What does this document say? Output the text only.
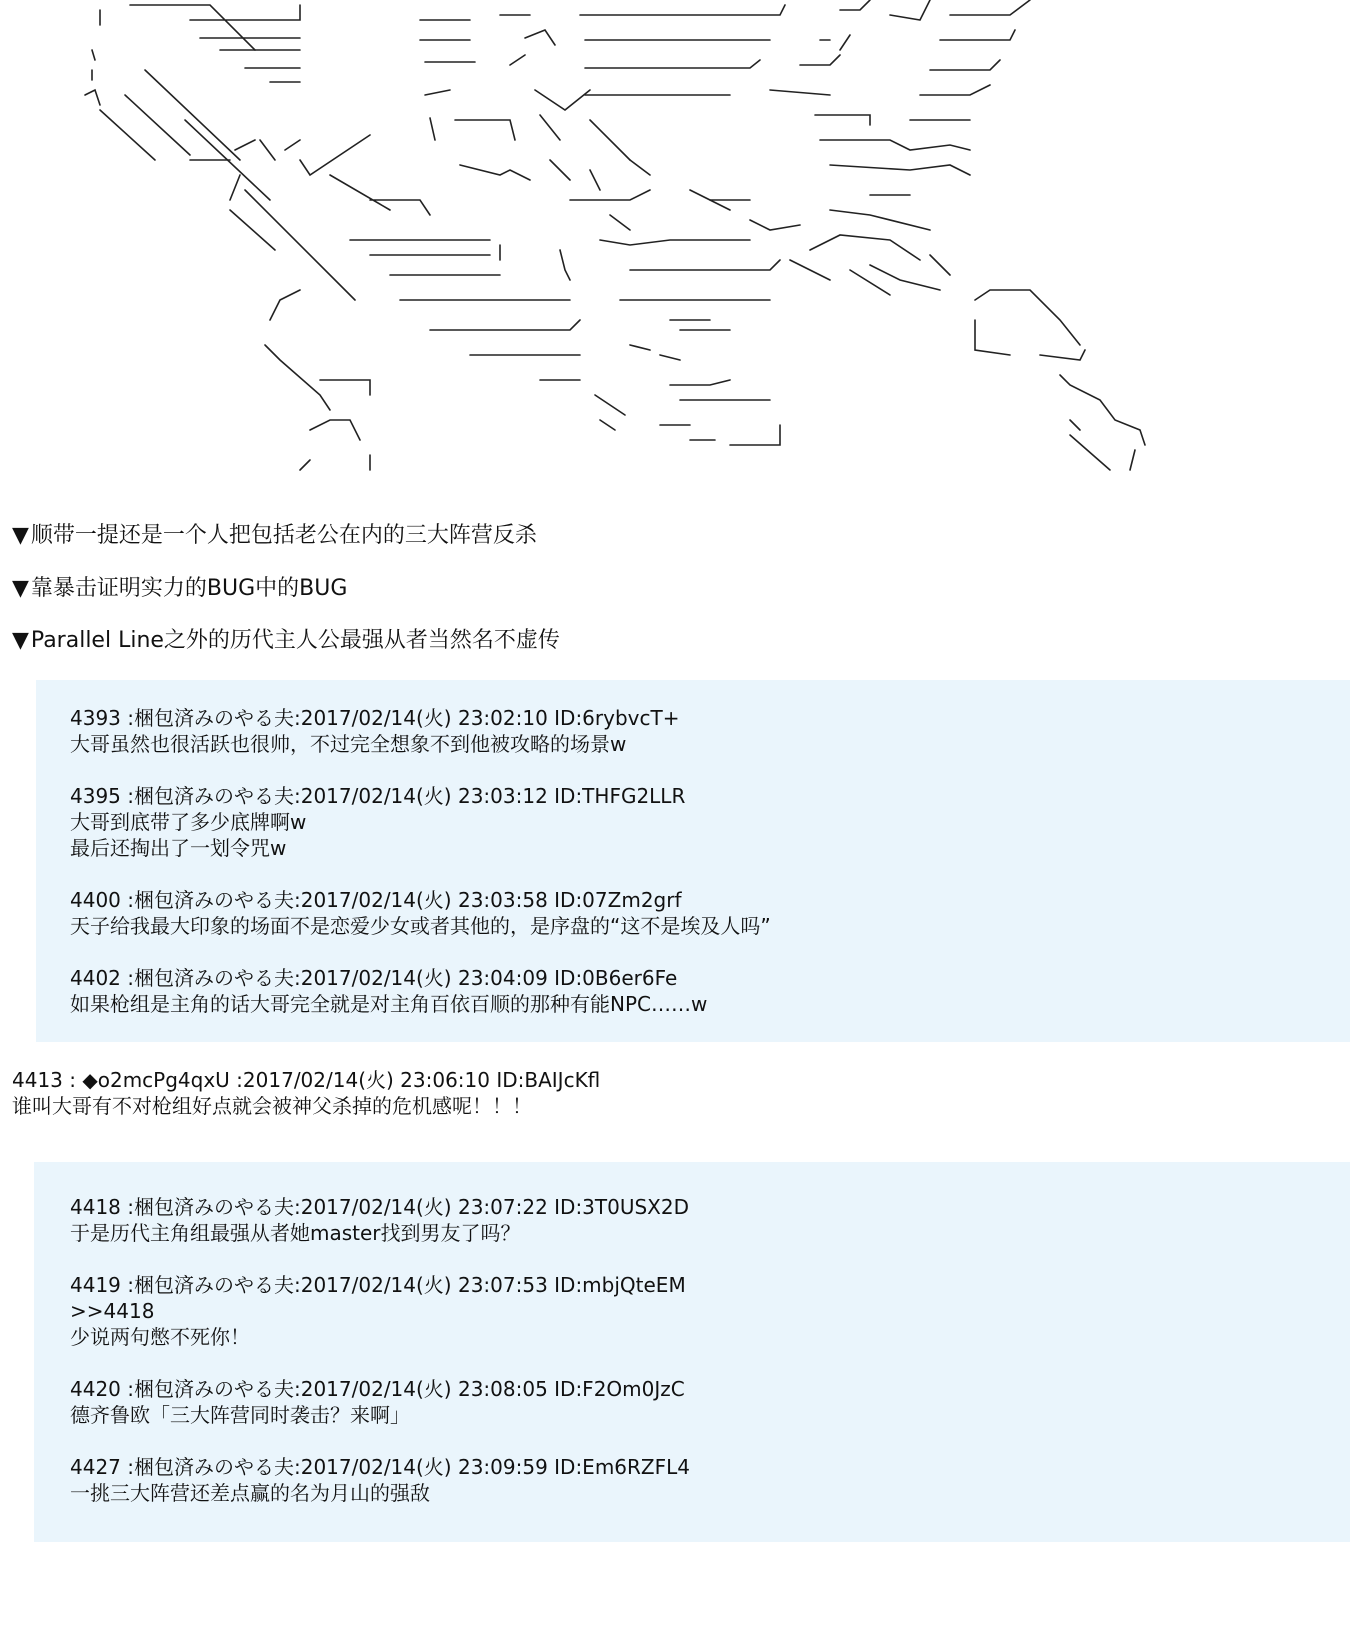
▼顺带一提还是一个人把包括老公在内的三大阵营反杀
▼靠暴击证明实力的BUG中的BUG
▼Parallel Line之外的历代主人公最强从者当然名不虚传
4393 :梱包済みのやる夫:2017/02/14(火) 23:02:10 ID:6rybvcT+
大哥虽然也很活跃也很帅，不过完全想象不到他被攻略的场景w
4395 :梱包済みのやる夫:2017/02/14(火) 23:03:12 ID:THFG2LLR
大哥到底带了多少底牌啊w
最后还掏出了一划令咒w
4400 :梱包済みのやる夫:2017/02/14(火) 23:03:58 ID:07Zm2grf
天子给我最大印象的场面不是恋爱少女或者其他的，是序盘的“这不是埃及人吗”
4402 :梱包済みのやる夫:2017/02/14(火) 23:04:09 ID:0B6er6Fe
如果枪组是主角的话大哥完全就是对主角百依百顺的那种有能NPC……w
4413 : ◆o2mcPg4qxU :2017/02/14(火) 23:06:10 ID:BAIJcKfl
谁叫大哥有不对枪组好点就会被神父杀掉的危机感呢！！！
4418 :梱包済みのやる夫:2017/02/14(火) 23:07:22 ID:3T0USX2D
于是历代主角组最强从者她master找到男友了吗？
4419 :梱包済みのやる夫:2017/02/14(火) 23:07:53 ID:mbjQteEM
>>4418
少说两句憋不死你！
4420 :梱包済みのやる夫:2017/02/14(火) 23:08:05 ID:F2Om0JzC
德齐鲁欧「三大阵营同时袭击？来啊」
4427 :梱包済みのやる夫:2017/02/14(火) 23:09:59 ID:Em6RZFL4
一挑三大阵营还差点赢的名为月山的强敌
